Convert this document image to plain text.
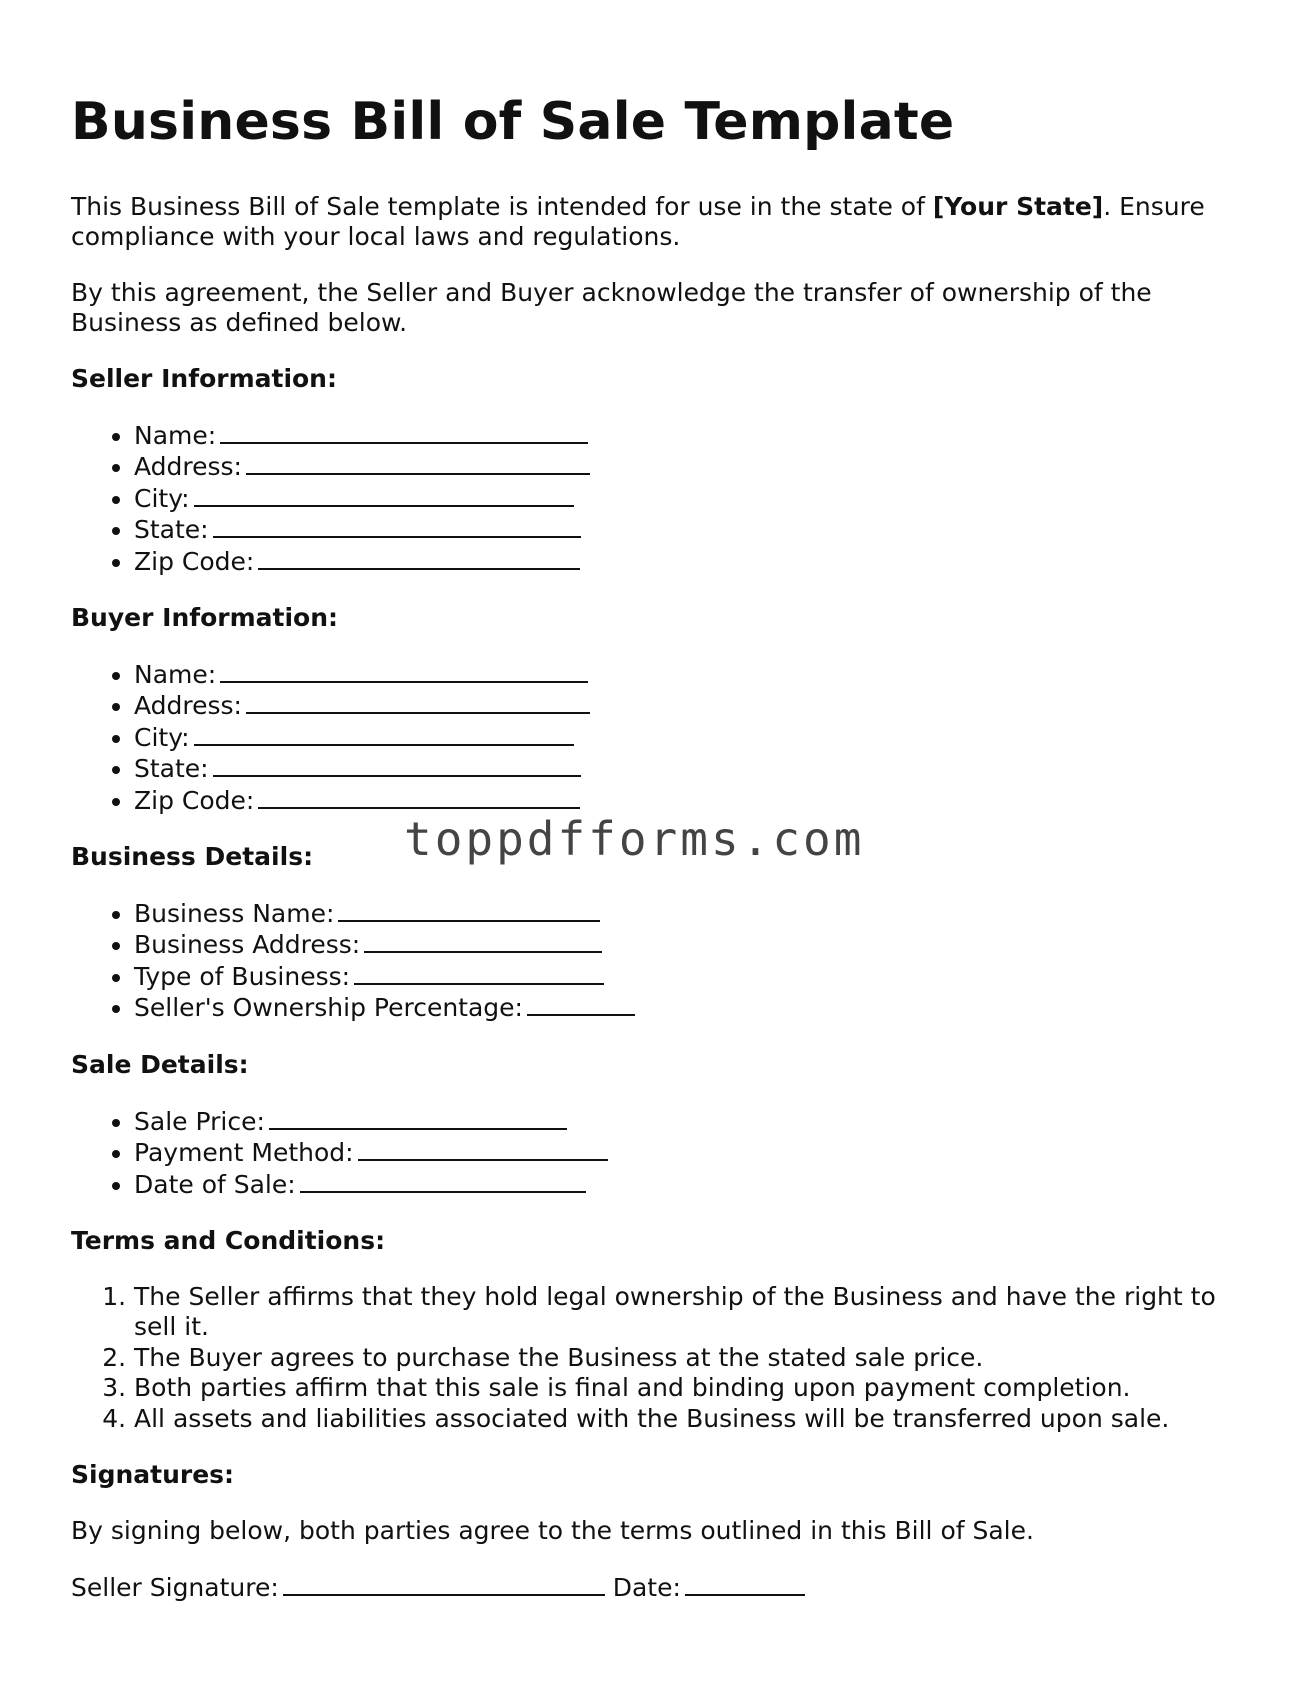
Business Bill of Sale Template

This Business Bill of Sale template is intended for use in the state of [Your State]. Ensure compliance with your local laws and regulations.

By this agreement, the Seller and Buyer acknowledge the transfer of ownership of the Business as defined below.

Seller Information:
• Name:
• Address:
• City:
• State:
• Zip Code:
Buyer Information:
• Name:
• Address:
• City:
• State:
• Zip Code:
Business Details:
• Business Name:
• Business Address:
• Type of Business:
• Seller's Ownership Percentage:
Sale Details:
• Sale Price:
• Payment Method:
• Date of Sale:
Terms and Conditions:
1. The Seller affirms that they hold legal ownership of the Business and have the right to sell it.
2. The Buyer agrees to purchase the Business at the stated sale price.
3. Both parties affirm that this sale is final and binding upon payment completion.
4. All assets and liabilities associated with the Business will be transferred upon sale.
Signatures:

By signing below, both parties agree to the terms outlined in this Bill of Sale.

Seller Signature:	Date:

toppdfforms.com
